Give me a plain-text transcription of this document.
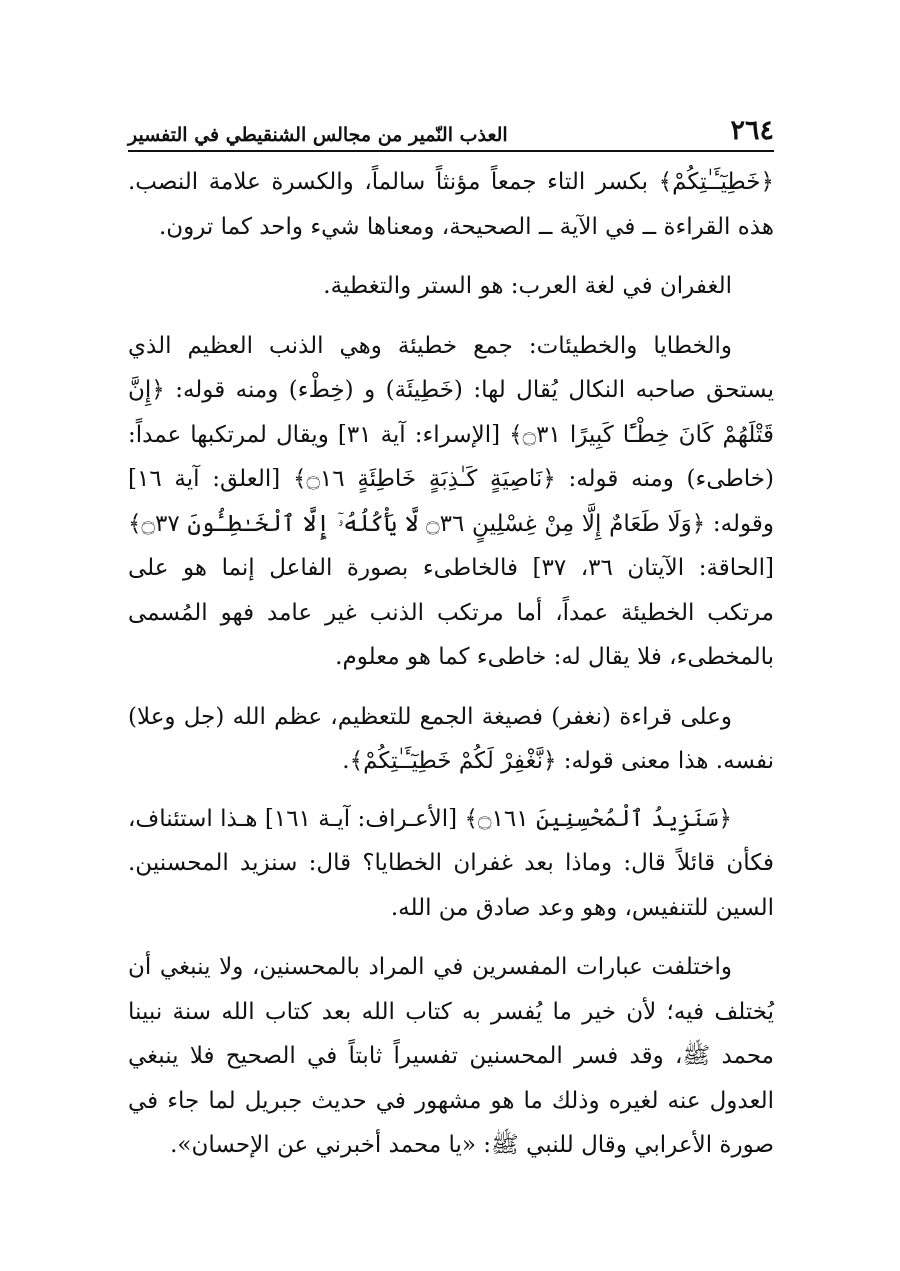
٢٦٤
العذب النّمير من مجالس الشنقيطي في التفسير

﴿خَطِيٓـَٔـٰتِكُمْ﴾ بكسر التاء جمعاً مؤنثاً سالماً، والكسرة علامة النصب. هذه القراءة ــ في الآية ــ الصحيحة، ومعناها شيء واحد كما ترون.

الغفران في لغة العرب: هو الستر والتغطية.

والخطايا والخطيئات: جمع خطيئة وهي الذنب العظيم الذي يستحق صاحبه النكال يُقال لها: (خَطِيئَة) و (خِطْء) ومنه قوله: ﴿إِنَّ قَتْلَهُمْ كَانَ خِطْـًٔا كَبِيرًا ۝٣١﴾ [الإسراء: آية ٣١] ويقال لمرتكبها عمداً: (خاطىء) ومنه قوله: ﴿نَاصِيَةٍ كَـٰذِبَةٍ خَاطِئَةٍ ۝١٦﴾ [العلق: آية ١٦] وقوله: ﴿وَلَا طَعَامٌ إِلَّا مِنْ غِسْلِينٍ ۝٣٦ لَّا يَأْكُلُهُۥٓ إِلَّا ٱلْخَـٰطِـُٔونَ ۝٣٧﴾ [الحاقة: الآيتان ٣٦، ٣٧] فالخاطىء بصورة الفاعل إنما هو على مرتكب الخطيئة عمداً، أما مرتكب الذنب غير عامد فهو المُسمى بالمخطىء، فلا يقال له: خاطىء كما هو معلوم.

وعلى قراءة (نغفر) فصيغة الجمع للتعظيم، عظم الله (جل وعلا) نفسه. هذا معنى قوله: ﴿نَّغْفِرْ لَكُمْ خَطِيٓـَٔـٰتِكُمْ﴾.

﴿سَنَزِيدُ ٱلْمُحْسِنِينَ ۝١٦١﴾ [الأعـراف: آيـة ١٦١] هـذا استئناف، فكأن قائلاً قال: وماذا بعد غفران الخطايا؟ قال: سنزيد المحسنين. السين للتنفيس، وهو وعد صادق من الله.

واختلفت عبارات المفسرين في المراد بالمحسنين، ولا ينبغي أن يُختلف فيه؛ لأن خير ما يُفسر به كتاب الله بعد كتاب الله سنة نبينا محمد ﷺ، وقد فسر المحسنين تفسيراً ثابتاً في الصحيح فلا ينبغي العدول عنه لغيره وذلك ما هو مشهور في حديث جبريل لما جاء في صورة الأعرابي وقال للنبي ﷺ: «يا محمد أخبرني عن الإحسان».
